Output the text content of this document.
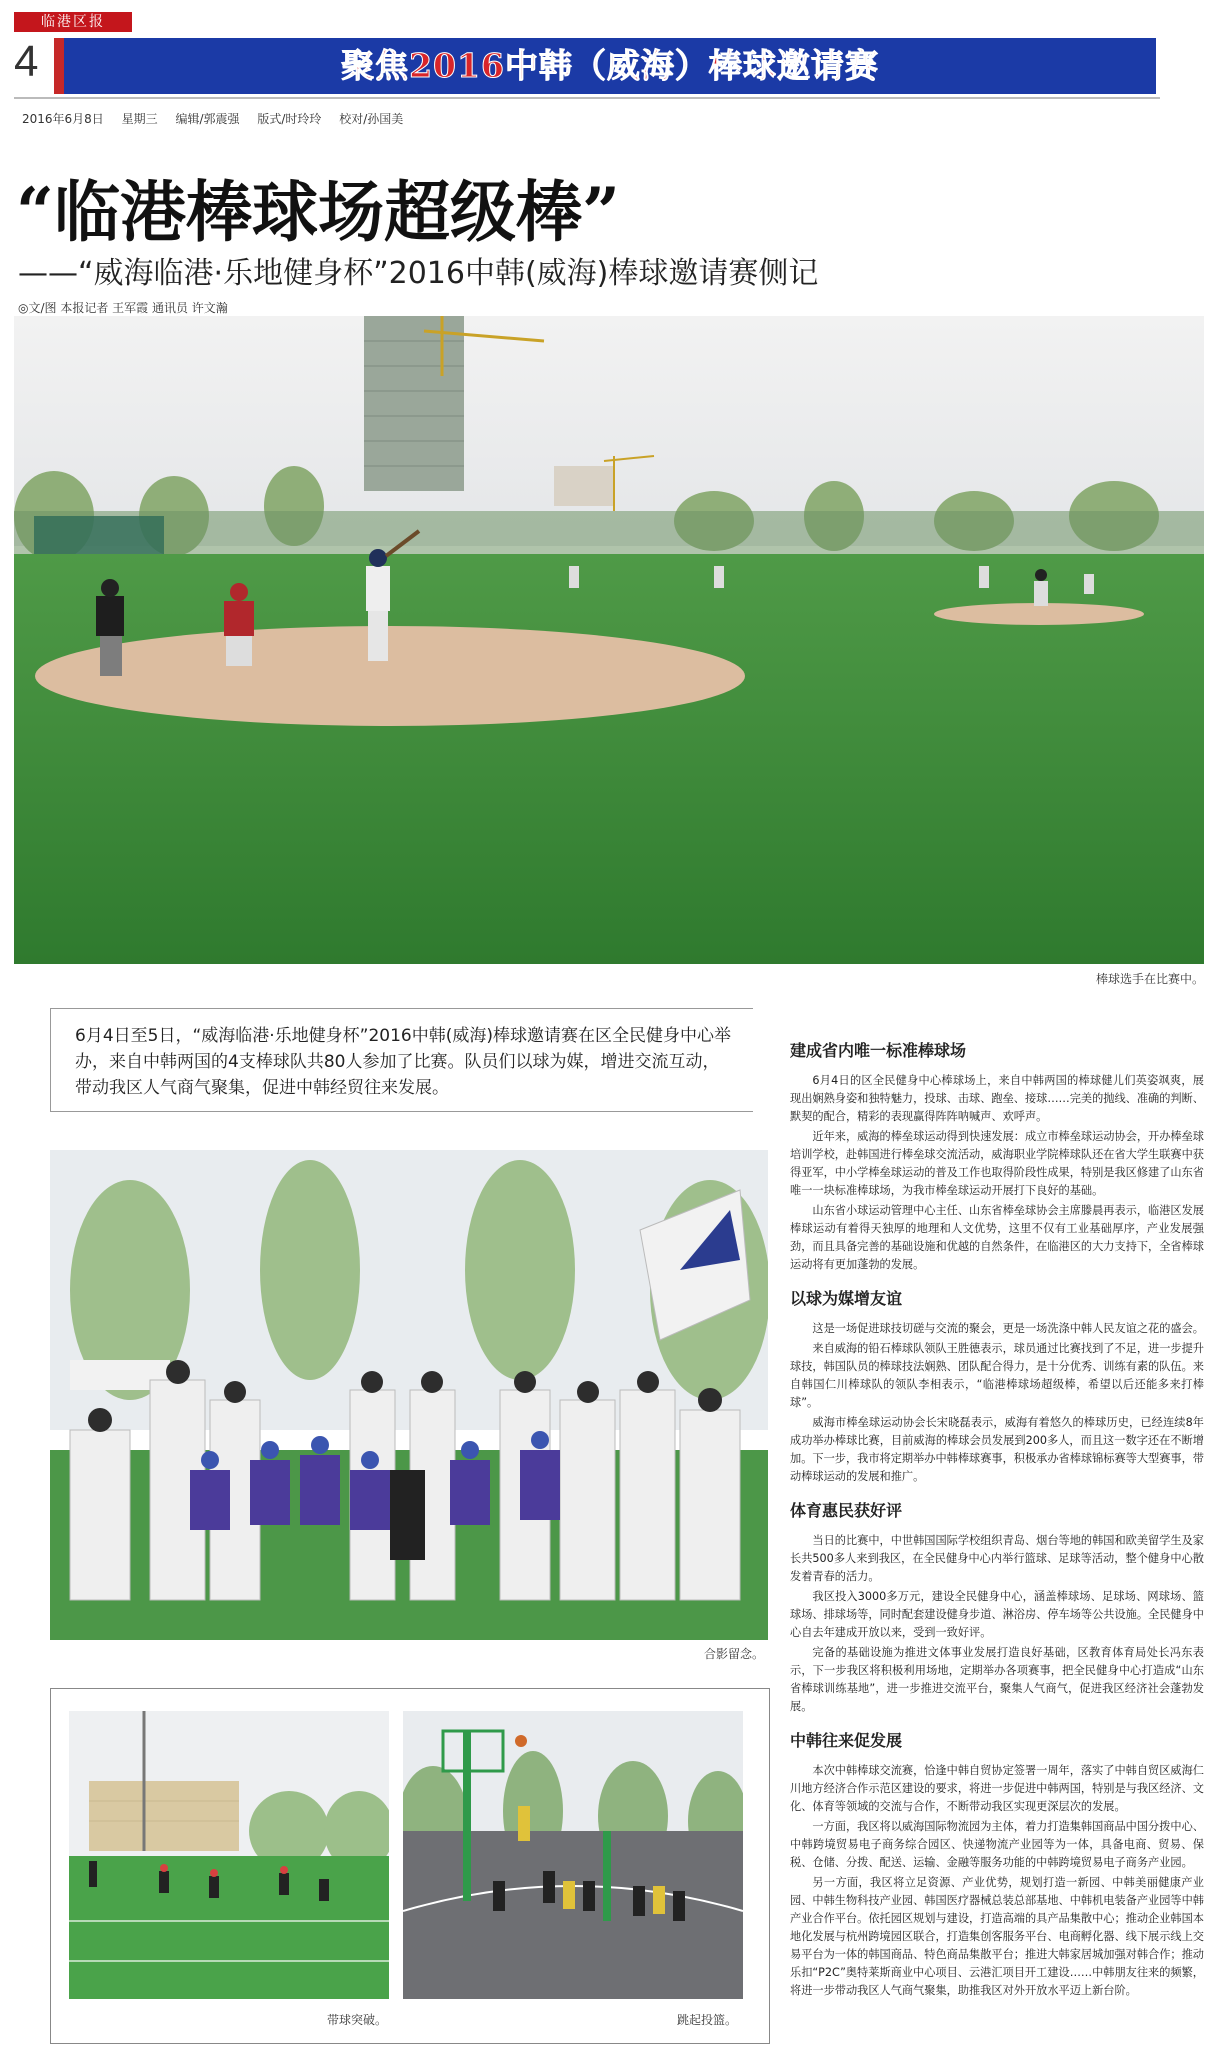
临港区报
4	聚焦2016中韩（威海）棒球邀请赛
2016年6月8日 星期三 编辑/郭震强 版式/时玲玲 校对/孙国美
“临港棒球场超级棒”
——“威海临港·乐地健身杯”2016中韩(威海)棒球邀请赛侧记
◎文/图 本报记者 王军霞 通讯员 许文瀚
棒球选手在比赛中。
6月4日至5日，“威海临港·乐地健身杯”2016中韩(威海)棒球邀请赛在区全民健身中心举办，来自中韩两国的4支棒球队共80人参加了比赛。队员们以球为媒，增进交流互动，带动我区人气商气聚集，促进中韩经贸往来发展。
合影留念。
带球突破。	跳起投篮。
建成省内唯一标准棒球场

6月4日的区全民健身中心棒球场上，来自中韩两国的棒球健儿们英姿飒爽，展现出娴熟身姿和独特魅力，投球、击球、跑垒、接球……完美的抛线、准确的判断、默契的配合，精彩的表现赢得阵阵呐喊声、欢呼声。

近年来，威海的棒垒球运动得到快速发展：成立市棒垒球运动协会，开办棒垒球培训学校，赴韩国进行棒垒球交流活动，威海职业学院棒球队还在省大学生联赛中获得亚军，中小学棒垒球运动的普及工作也取得阶段性成果，特别是我区修建了山东省唯一一块标准棒球场，为我市棒垒球运动开展打下良好的基础。

山东省小球运动管理中心主任、山东省棒垒球协会主席滕晨再表示，临港区发展棒球运动有着得天独厚的地理和人文优势，这里不仅有工业基础厚序，产业发展强劲，而且具备完善的基础设施和优越的自然条件，在临港区的大力支持下，全省棒球运动将有更加蓬勃的发展。

以球为媒增友谊

这是一场促进球技切磋与交流的聚会，更是一场洗涤中韩人民友谊之花的盛会。

来自威海的铅石棒球队领队王胜德表示，球员通过比赛找到了不足，进一步提升球技，韩国队员的棒球技法娴熟、团队配合得力，是十分优秀、训练有素的队伍。来自韩国仁川棒球队的领队李相表示，“临港棒球场超级棒，希望以后还能多来打棒球”。

威海市棒垒球运动协会长宋晓磊表示，威海有着悠久的棒球历史，已经连续8年成功举办棒球比赛，目前威海的棒球会员发展到200多人，而且这一数字还在不断增加。下一步，我市将定期举办中韩棒球赛事，积极承办省棒球锦标赛等大型赛事，带动棒球运动的发展和推广。

体育惠民获好评

当日的比赛中，中世韩国国际学校组织青岛、烟台等地的韩国和欧美留学生及家长共500多人来到我区，在全民健身中心内举行篮球、足球等活动，整个健身中心散发着青春的活力。

我区投入3000多万元，建设全民健身中心，涵盖棒球场、足球场、网球场、篮球场、排球场等，同时配套建设健身步道、淋浴房、停车场等公共设施。全民健身中心自去年建成开放以来，受到一致好评。

完备的基础设施为推进文体事业发展打造良好基础，区教育体育局处长冯东表示，下一步我区将积极利用场地，定期举办各项赛事，把全民健身中心打造成“山东省棒球训练基地”，进一步推进交流平台，聚集人气商气，促进我区经济社会蓬勃发展。

中韩往来促发展

本次中韩棒球交流赛，恰逢中韩自贸协定签署一周年，落实了中韩自贸区威海仁川地方经济合作示范区建设的要求，将进一步促进中韩两国，特别是与我区经济、文化、体育等领域的交流与合作，不断带动我区实现更深层次的发展。

一方面，我区将以威海国际物流园为主体，着力打造集韩国商品中国分拨中心、中韩跨境贸易电子商务综合园区、快递物流产业园等为一体，具备电商、贸易、保税、仓储、分拨、配送、运输、金融等服务功能的中韩跨境贸易电子商务产业园。

另一方面，我区将立足资源、产业优势，规划打造一新园、中韩美丽健康产业园、中韩生物科技产业园、韩国医疗器械总装总部基地、中韩机电装备产业园等中韩产业合作平台。依托园区规划与建设，打造高端的具产品集散中心；推动企业韩国本地化发展与杭州跨境园区联合，打造集创客服务平台、电商孵化器、线下展示线上交易平台为一体的韩国商品、特色商品集散平台；推进大韩家居城加强对韩合作；推动乐扣“P2C”奥特莱斯商业中心项目、云港汇项目开工建设……中韩朋友往来的频繁，将进一步带动我区人气商气聚集，助推我区对外开放水平迈上新台阶。
